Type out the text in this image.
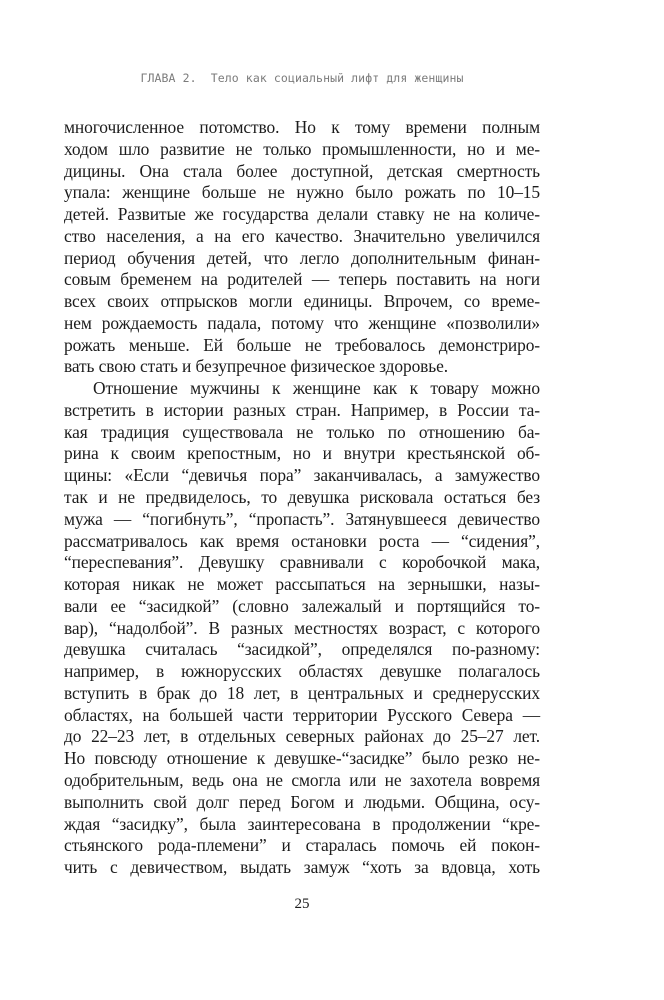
ГЛАВА 2.  Тело как социальный лифт для женщины
многочисленное потомство. Но к тому времени полным
ходом шло развитие не только промышленности, но и ме-
дицины. Она стала более доступной, детская смертность
упала: женщине больше не нужно было рожать по 10–15
детей. Развитые же государства делали ставку не на количе-
ство населения, а на его качество. Значительно увеличился
период обучения детей, что легло дополнительным финан-
совым бременем на родителей — теперь поставить на ноги
всех своих отпрысков могли единицы. Впрочем, со време-
нем рождаемость падала, потому что женщине «позволили»
рожать меньше. Ей больше не требовалось демонстриро-
вать свою стать и безупречное физическое здоровье.
Отношение мужчины к женщине как к товару можно
встретить в истории разных стран. Например, в России та-
кая традиция существовала не только по отношению ба-
рина к своим крепостным, но и внутри крестьянской об-
щины: «Если “девичья пора” заканчивалась, а замужество
так и не предвиделось, то девушка рисковала остаться без
мужа — “погибнуть”, “пропасть”. Затянувшееся девичество
рассматривалось как время остановки роста — “сидения”,
“переспевания”. Девушку сравнивали с коробочкой мака,
которая никак не может рассыпаться на зернышки, назы-
вали ее “засидкой” (словно залежалый и портящийся то-
вар), “надолбой”. В разных местностях возраст, с которого
девушка считалась “засидкой”, определялся по-разному:
например, в южнорусских областях девушке полагалось
вступить в брак до 18 лет, в центральных и среднерусских
областях, на большей части территории Русского Севера —
до 22–23 лет, в отдельных северных районах до 25–27 лет.
Но повсюду отношение к девушке-“засидке” было резко не-
одобрительным, ведь она не смогла или не захотела вовремя
выполнить свой долг перед Богом и людьми. Община, осу-
ждая “засидку”, была заинтересована в продолжении “кре-
стьянского рода-племени” и старалась помочь ей покон-
чить с девичеством, выдать замуж “хоть за вдовца, хоть
25
